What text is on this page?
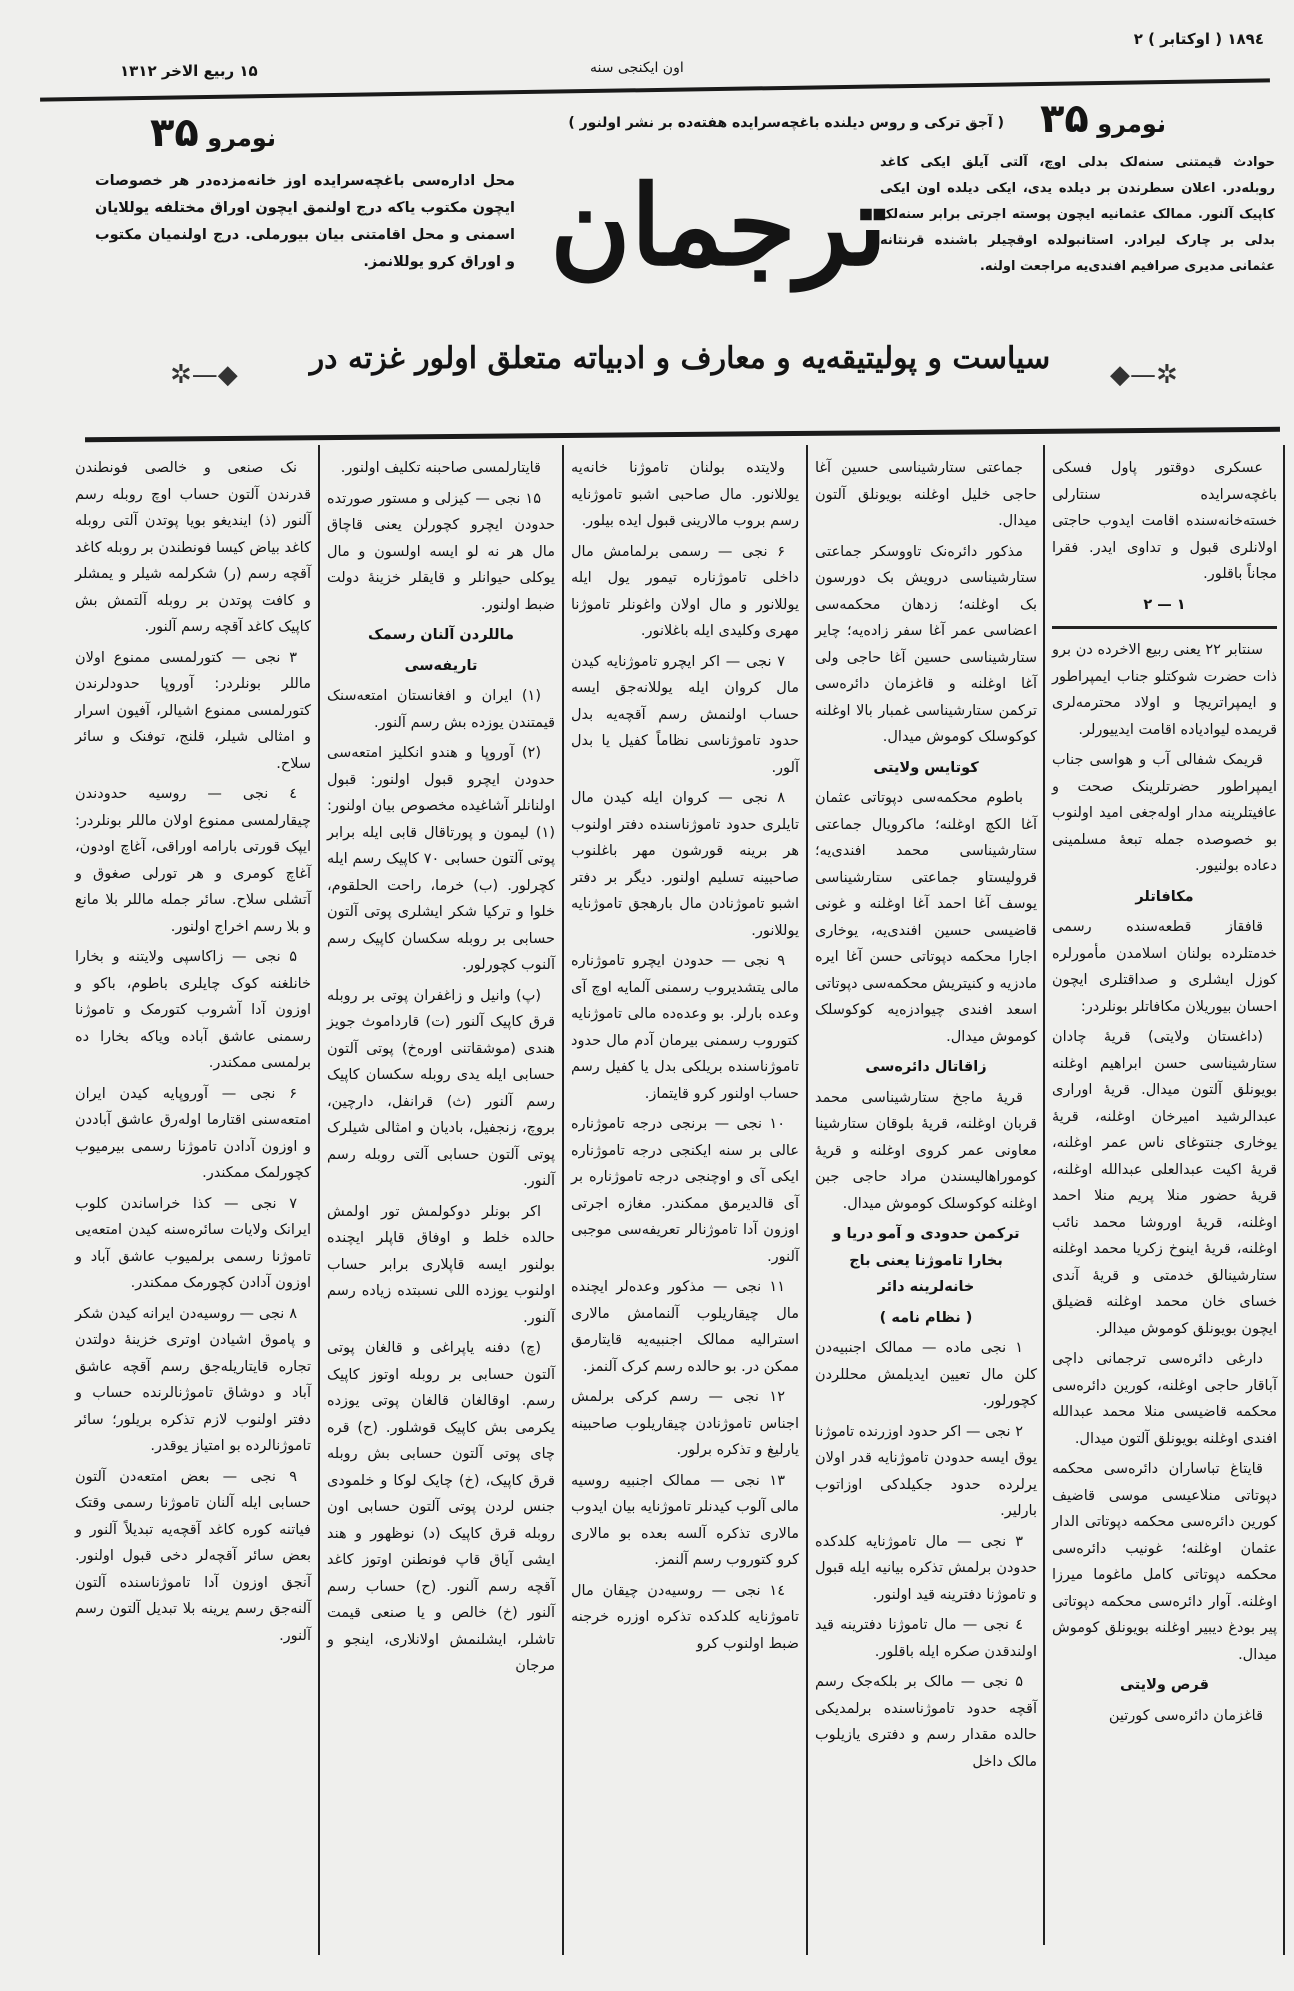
۱۸۹٤ ( اوکتابر ) ۲
۱۵ ربیع الاخر ۱۳۱۲	اون ایکنجی سنه
( آجق ترکی و روس دیلنده باغچه‌سرایده هفته‌ده بر نشر اولنور )
نومرو ۳۵	نومرو ۳۵
محل اداره‌سی باغچه‌سرایده اوز خانه‌مزده‌در هر خصوصات ایچون مکتوب یاکه درج اولنمق ایچون اوراق مختلفه یوللایان اسمنی و محل اقامتنی بیان بیورملی. درج اولنمیان مکتوب و اوراق کرو یوللانمز. ترجمان
سیاست و پولیتیقه‌یه و معارف و ادبیاته متعلق اولور غزته در
✲—◆	◆—✲
حوادث قیمتنی سنه‌لک بدلی اوچ، آلتی آیلق ایکی کاغد روبله‌در. اعلان سطرندن بر دیلده یدی، ایکی دیلده اون ایکی کاپیک آلنور. ممالک عثمانیه ایچون پوسته اجرتی برابر سنه‌لک بدلی بر چارک لیرادر. استانبولده اوقچیلر باشنده قرنتانه عثمانی مدیری صرافیم افندی‌یه مراجعت اولنه.

عسکری دوقتور پاول فسکی باغچه‌سرایده سنتارلی خسته‌خانه‌سنده اقامت ایدوب حاجتی اولانلری قبول و تداوی ایدر. فقرا مجاناً باقلور.

۱ — ۲

سنتابر ۲۲ یعنی ربیع الاخرده دن برو ذات حضرت شوکتلو جناب ایمپراطور و ایمپراتریچا و اولاد محترمه‌لری قریمده لیوادیاده اقامت ایدییورلر.

قریمک شفالی آب و هواسی جناب ایمپراطور حضرتلرینک صحت و عافیتلرینه مدار اوله‌جغی امید اولنوب بو خصوصده جمله تبعهٔ مسلمینی دعاده بولنیور.

مکافاتلر

قافقاز قطعه‌سنده رسمی خدمتلرده بولنان اسلامدن مأمورلره کوزل ایشلری و صداقتلری ایچون احسان بیوریلان مکافاتلر بونلردر:

(داغستان ولایتی) قریهٔ چادان ستارشیناسی حسن ابراهیم اوغلنه بویونلق آلتون میدال. قریهٔ اوراری عبدالرشید امیرخان اوغلنه، قریهٔ یوخاری جنتوغای ناس عمر اوغلنه، قریهٔ اکیت عبدالعلی عبدالله اوغلنه، قریهٔ حضور منلا پریم منلا احمد اوغلنه، قریهٔ اوروشا محمد نائب اوغلنه، قریهٔ اینوخ زکریا محمد اوغلنه ستارشینالق خدمتی و قریهٔ آندی خسای خان محمد اوغلنه قضیلق ایچون بویونلق کوموش میدالر.

دارغی دائره‌سی ترجمانی داچی آباقار حاجی اوغلنه، کورین دائره‌سی محکمه قاضیسی منلا محمد عبدالله افندی اوغلنه بویونلق آلتون میدال.

قایتاغ تباساران دائره‌سی محکمه دپوتاتی منلاعیسی موسی قاضیف کورین دائره‌سی محکمه دپوتاتی الدار عثمان اوغلنه؛ غونیب دائره‌سی محکمه دپوتاتی کامل ماغوما میرزا اوغلنه. آوار دائره‌سی محکمه دپوتاتی پیر بودغ دیبیر اوغلنه بویونلق کوموش میدال.

قرص ولایتی

قاغزمان دائره‌سی کورتین

جماعتی ستارشیناسی حسین آغا حاجی خلیل اوغلنه بویونلق آلتون میدال.

مذکور دائره‌نک تاووسکر جماعتی ستارشیناسی درویش بک دورسون بک اوغلنه؛ زدهان محکمه‌سی اعضاسی عمر آغا سفر زاده‌یه؛ چایر ستارشیناسی حسین آغا حاجی ولی آغا اوغلنه و قاغزمان دائره‌سی ترکمن ستارشیناسی غمبار بالا اوغلنه کوکوسلک کوموش میدال.

کوتایس ولایتی

باطوم محکمه‌سی دپوتاتی عثمان آغا الکچ اوغلنه؛ ماکرویال جماعتی ستارشیناسی محمد افندی‌یه؛ قرولیستاو جماعتی ستارشیناسی یوسف آغا احمد آغا اوغلنه و غونی قاضیسی حسین افندی‌یه، یوخاری اجارا محکمه دپوتاتی حسن آغا ایره مادزیه و کنیتریش محکمه‌سی دپوتاتی اسعد افندی چیوادزه‌یه کوکوسلک کوموش میدال.

زاقاتال دائره‌سی

قریهٔ ماجخ ستارشیناسی محمد قربان اوغلنه، قریهٔ بلوقان ستارشینا معاونی عمر کروی اوغلنه و قریهٔ کوموراهالیسندن مراد حاجی جبن اوغلنه کوکوسلک کوموش میدال.

ترکمن حدودی و آمو دریا و بخارا تاموژنا یعنی باج خانه‌لرینه دائر

( نظام نامه )

۱ نجی ماده — ممالک اجنبیه‌دن کلن مال تعیین ایدیلمش محللردن کچورلور.

۲ نجی — اکر حدود اوزرنده تاموژنا یوق ایسه حدودن تاموژنایه قدر اولان یرلرده حدود جکیلدکی اوزاتوب بارلیر.

۳ نجی — مال تاموژنایه کلدکده حدودن برلمش تذکره بیانیه ایله قبول و تاموژنا دفترینه قید اولنور.

٤ نجی — مال تاموژنا دفترینه قید اولندقدن صکره ایله باقلور.

۵ نجی — مالک بر بلکه‌جک رسم آقچه حدود تاموژناسنده برلمدیکی حالده مقدار رسم و دفتری یازیلوب مالک داخل

ولایتده بولنان تاموژنا خانه‌یه یوللانور. مال صاحبی اشبو تاموژنایه رسم بروب مالارینی قبول ایده بیلور.

۶ نجی — رسمی برلمامش مال داخلی تاموژناره تیمور یول ایله یوللانور و مال اولان واغونلر تاموژنا مهری وکلیدی ایله باغلانور.

۷ نجی — اکر ایچرو تاموژنایه کیدن مال کروان ایله یوللانه‌جق ایسه حساب اولنمش رسم آقچه‌یه بدل حدود تاموژناسی نظاماً کفیل یا بدل آلور.

۸ نجی — کروان ایله کیدن مال تایلری حدود تاموژناسنده دفتر اولنوب هر برینه قورشون مهر باغلنوب صاحبینه تسلیم اولنور. دیگر بر دفتر اشبو تاموژنادن مال بارهجق تاموژنایه یوللانور.

۹ نجی — حدودن ایچرو تاموژناره مالی یتشدیروب رسمنی آلمایه اوچ آی وعده بارلر. بو وعده‌ده مالی تاموژنایه کتوروب رسمنی بیرمان آدم مال حدود تاموژناسنده بریلکی بدل یا کفیل رسم حساب اولنور کرو قایتماز.

۱۰ نجی — برنجی درجه تاموژناره عالی بر سنه ایکنجی درجه تاموژناره ایکی آی و اوچنجی درجه تاموژناره بر آی قالدیرمق ممکندر. مغازه اجرتی اوزون آدا تاموژنالر تعریفه‌سی موجبی آلنور.

۱۱ نجی — مذکور وعده‌لر ایچنده مال چیقاریلوب آلنمامش مالاری استرالیه ممالک اجنبیه‌یه قایتارمق ممکن در. بو حالده رسم کرک آلنمز.

۱۲ نجی — رسم کرکی برلمش اجناس تاموژنادن چیقاریلوب صاحبینه یارلیغ و تذکره برلور.

۱۳ نجی — ممالک اجنبیه روسیه مالی آلوب کیدنلر تاموژنایه بیان ایدوب مالاری تذکره آلسه بعده بو مالاری کرو کتوروب رسم آلنمز.

۱٤ نجی — روسیه‌دن چیقان مال تاموژنایه کلدکده تذکره اوزره خرجنه ضبط اولنوب کرو

قایتارلمسی صاحبنه تکلیف اولنور.

۱۵ نجی — کیزلی و مستور صورتده حدودن ایچرو کچورلن یعنی قاچاق مال هر نه لو ایسه اولسون و مال یوکلی حیوانلر و قایقلر خزینهٔ دولت ضبط اولنور.

ماللردن آلنان رسمک

تاریفه‌سی

(۱) ایران و افغانستان امتعه‌سنک قیمتندن یوزده بش رسم آلنور.

(۲) آوروپا و هندو انکلیز امتعه‌سی حدودن ایچرو قبول اولنور: قبول اولنانلر آشاغیده مخصوص بیان اولنور: (۱) لیمون و پورتاقال قابی ایله برابر پوتی آلتون حسابی ۷۰ کاپیک رسم ایله کچرلور. (ب) خرما، راحت الحلقوم، خلوا و ترکیا شکر ایشلری پوتی آلتون حسابی بر روبله سکسان کاپیک رسم آلنوب کچورلور.

(پ) وانیل و زاغفران پوتی بر روبله قرق کاپیک آلنور (ت) قارداموث جویز هندی (موشقاتنی اوره‌خ) پوتی آلتون حسابی ایله یدی روبله سکسان کاپیک رسم آلنور (ث) قرانفل، دارچین، بروچ، زنجفیل، بادیان و امثالی شیلرک پوتی آلتون حسابی آلتی روبله رسم آلنور.

اکر بونلر دوکولمش تور اولمش حالده خلط و اوفاق قاپلر ایچنده بولنور ایسه قاپلاری برابر حساب اولنوب یوزده اللی نسبتده زیاده رسم آلنور.

(چ) دفنه یاپراغی و قالغان پوتی آلتون حسابی بر روبله اوتوز کاپیک رسم. اوقالغان قالغان پوتی یوزده یکرمی بش کاپیک قوشلور. (ح) قره چای پوتی آلتون حسابی بش روبله قرق کاپیک، (خ) چایک لوکا و خلمودی جنس لردن پوتی آلتون حسابی اون روبله قرق کاپیک (د) نوظهور و هند ایشی آیاق قاپ فونطنن اوتوز کاغد آقچه رسم آلنور. (ح) حساب رسم آلنور (خ) خالص و یا صنعی قیمت تاشلر، ایشلنمش اولانلاری، اینجو و مرجان

نک صنعی و خالصی فونطندن قدرندن آلتون حساب اوچ روبله رسم آلنور (ذ) ایندیغو بویا پوتدن آلتی روبله کاغد بیاض کیسا فونطندن بر روبله کاغد آقچه رسم (ر) شکرلمه شیلر و یمشلر و کافت پوتدن بر روبله آلتمش بش کاپیک کاغد آقچه رسم آلنور.

۳ نجی — کتورلمسی ممنوع اولان ماللر بونلردر: آوروپا حدودلرندن کتورلمسی ممنوع اشیالر، آفیون اسرار و امثالی شیلر، قلنج، توفنک و سائر سلاح.

٤ نجی — روسیه حدودندن چیقارلمسی ممنوع اولان ماللر بونلردر: ایپک قورتی بارامه اوراقی، آغاچ اودون، آغاچ کومری و هر تورلی صغوق و آتشلی سلاح. سائر جمله ماللر بلا مانع و بلا رسم اخراج اولنور.

۵ نجی — زاکاسپی ولایتنه و بخارا خانلغنه کوک چایلری باطوم، باکو و اوزون آدا آشروب کتورمک و تاموژنا رسمنی عاشق آباده ویاکه بخارا ده برلمسی ممکندر.

۶ نجی — آوروپایه کیدن ایران امتعه‌سنی اقتارما اولەرق عاشق آباددن و اوزون آدادن تاموژنا رسمی بیرمیوب کچورلمک ممکندر.

۷ نجی — کذا خراساندن کلوب ایرانک ولایات سائره‌سنه کیدن امتعه‌یی تاموژنا رسمی برلمیوب عاشق آباد و اوزون آدادن کچورمک ممکندر.

۸ نجی — روسیه‌دن ایرانه کیدن شکر و پاموق اشیادن اوتری خزینهٔ دولتدن تجاره قایتاریله‌جق رسم آقچه عاشق آباد و دوشاق تاموژنالرنده حساب و دفتر اولنوب لازم تذکره بریلور؛ سائر تاموژنالرده بو امتیاز یوقدر.

۹ نجی — بعض امتعه‌دن آلتون حسابی ایله آلنان تاموژنا رسمی وقتک فیاتنه کوره کاغد آقچه‌یه تبدیلاً آلنور و بعض سائر آقچه‌لر دخی قبول اولنور. آنجق اوزون آدا تاموژناسنده آلتون آلنه‌جق رسم یرینه بلا تبدیل آلتون رسم آلنور.
